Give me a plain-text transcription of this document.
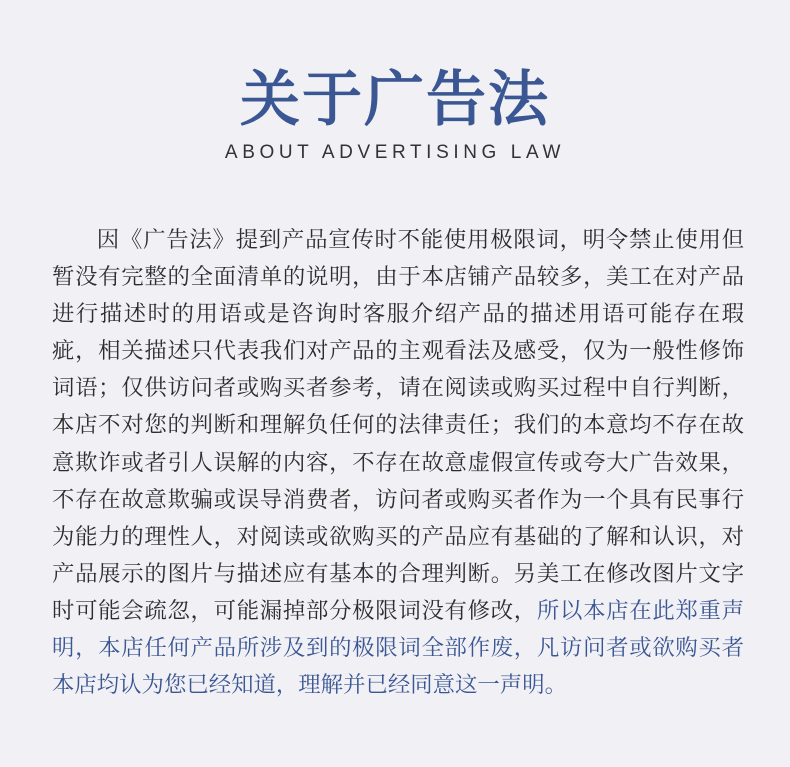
关于广告法
ABOUT ADVERTISING LAW

因《广告法》提到产品宣传时不能使用极限词，明令禁止使用但暂没有完整的全面清单的说明，由于本店铺产品较多，美工在对产品进行描述时的用语或是咨询时客服介绍产品的描述用语可能存在瑕疵，相关描述只代表我们对产品的主观看法及感受，仅为一般性修饰词语；仅供访问者或购买者参考，请在阅读或购买过程中自行判断，本店不对您的判断和理解负任何的法律责任；我们的本意均不存在故意欺诈或者引人误解的内容，不存在故意虚假宣传或夸大广告效果，不存在故意欺骗或误导消费者，访问者或购买者作为一个具有民事行为能力的理性人，对阅读或欲购买的产品应有基础的了解和认识，对产品展示的图片与描述应有基本的合理判断。另美工在修改图片文字时可能会疏忽，可能漏掉部分极限词没有修改，所以本店在此郑重声明，本店任何产品所涉及到的极限词全部作废，凡访问者或欲购买者本店均认为您已经知道，理解并已经同意这一声明。
